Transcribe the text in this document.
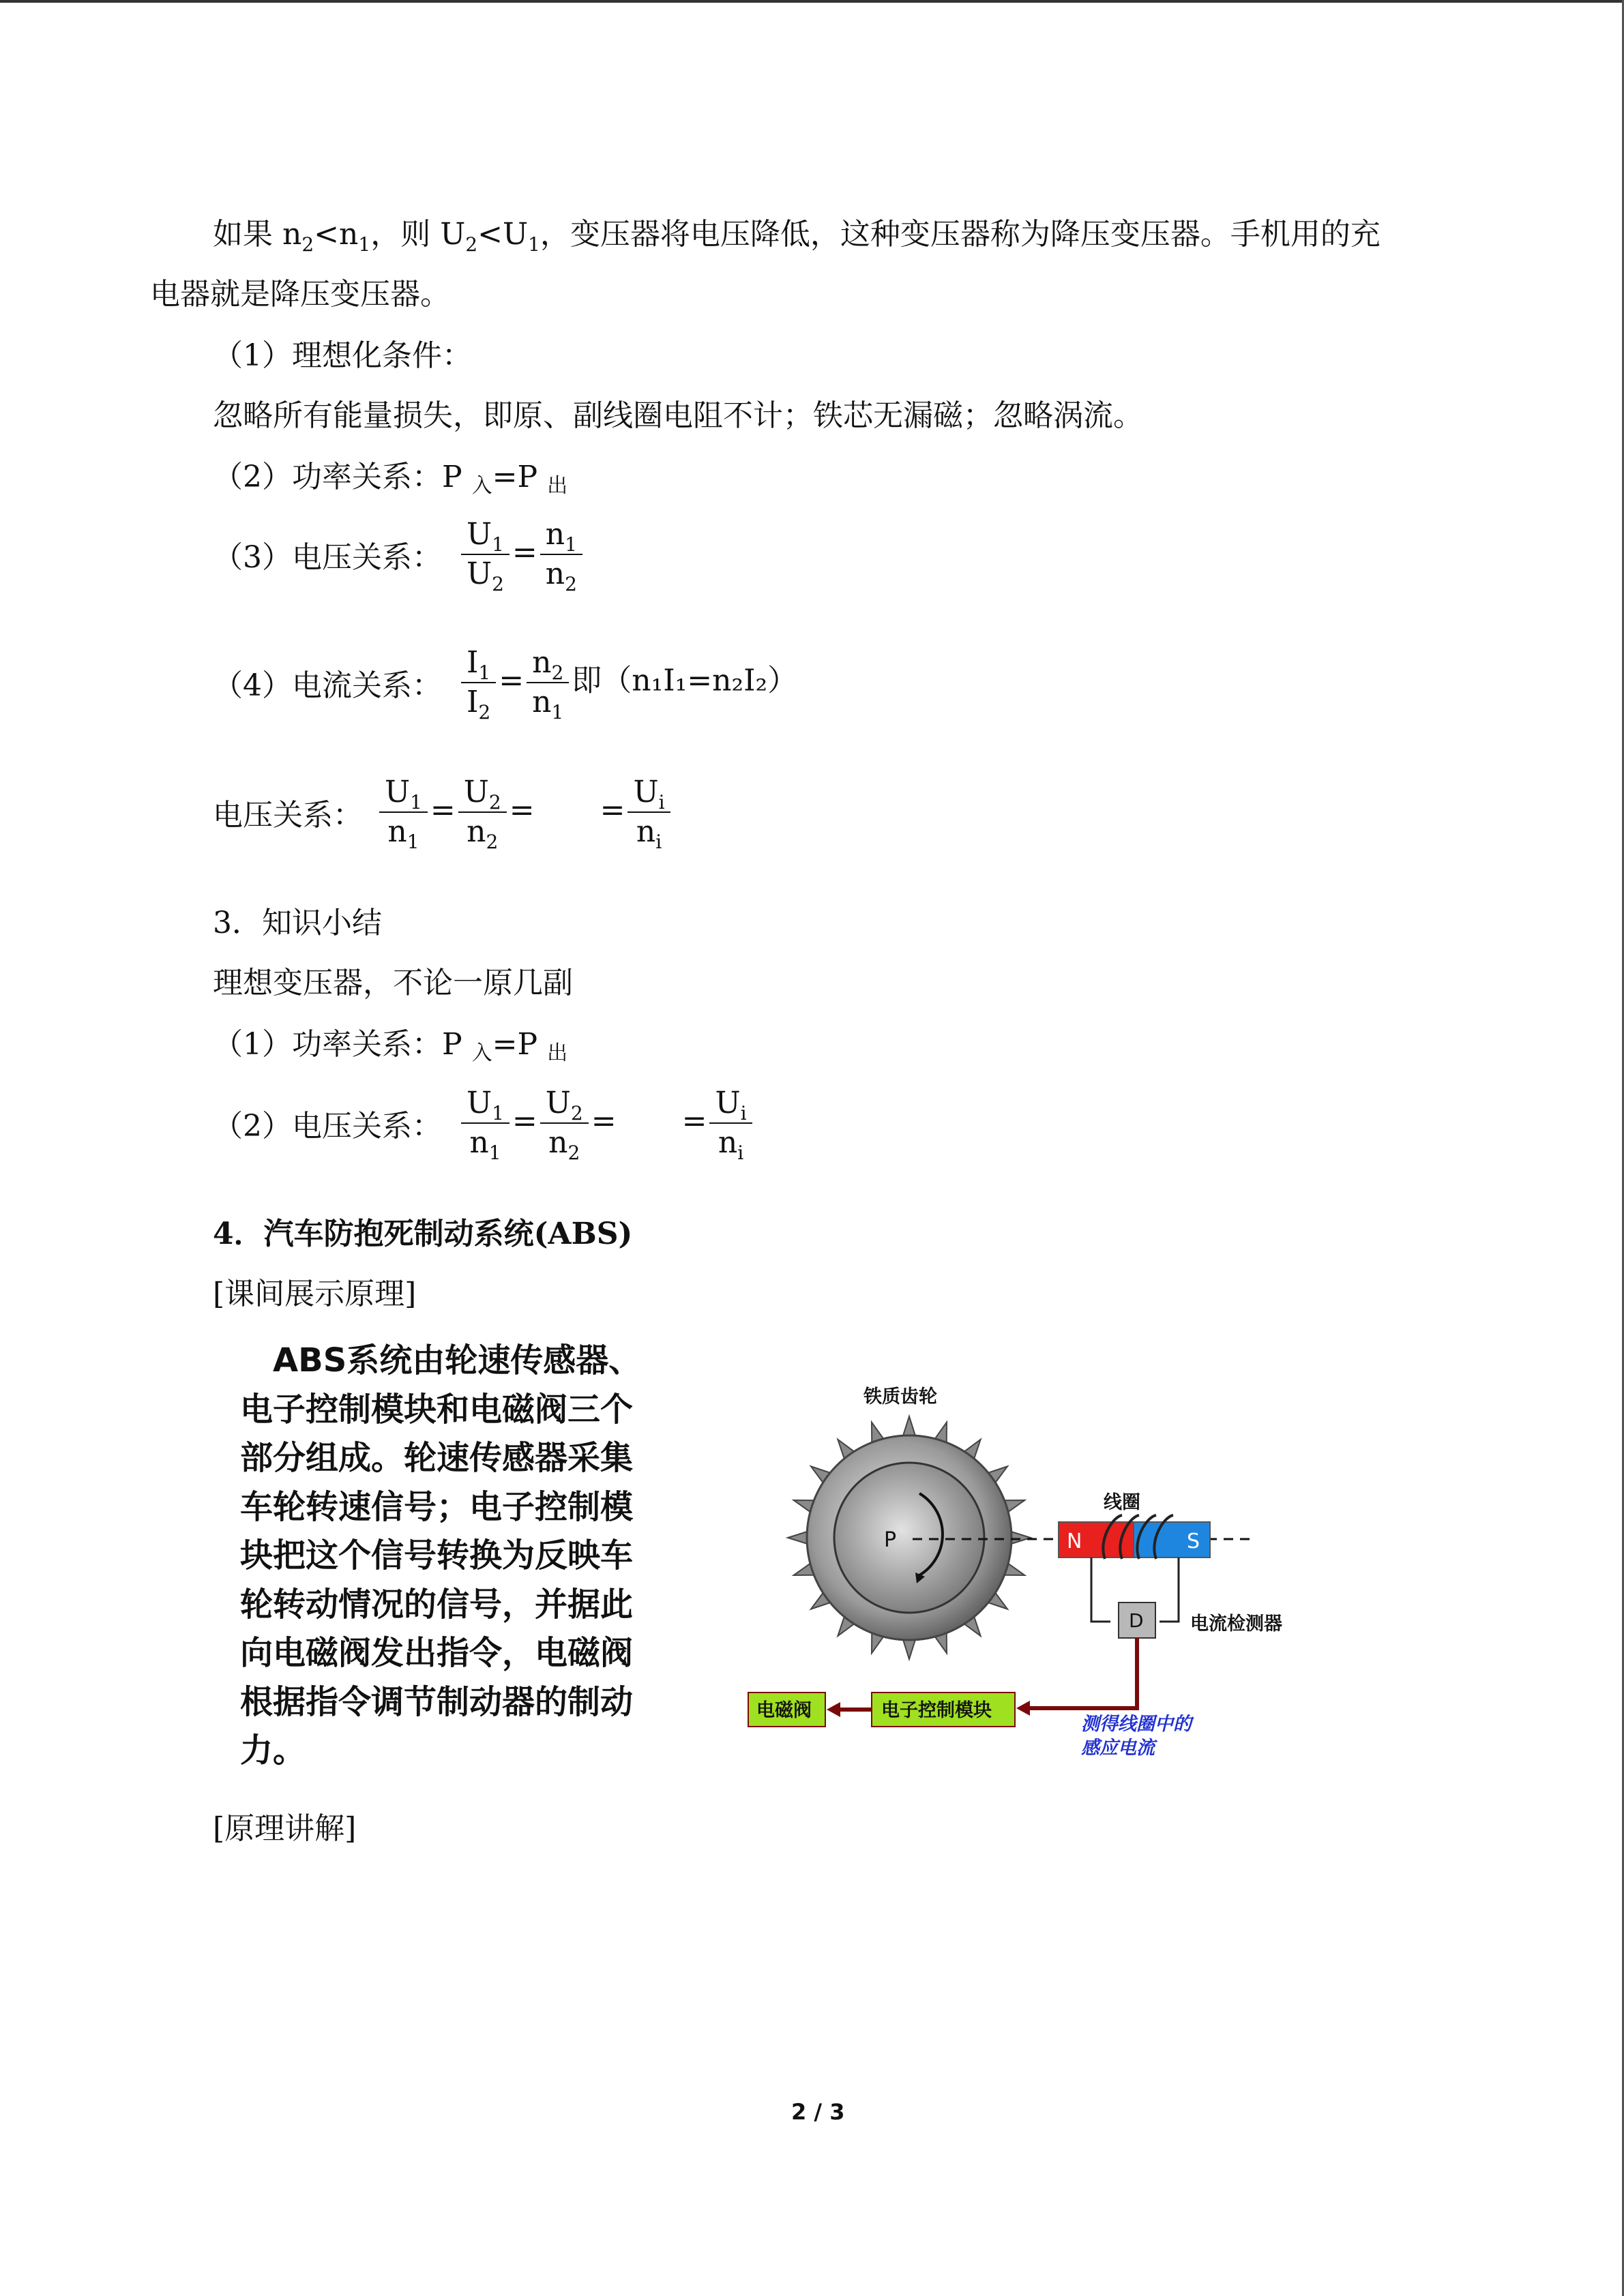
如果 $n_2<n_1$，则 $U_2<U_1$，变压器将电压降低，这种变压器称为降压变压器。手机用的充
电器就是降压变压器。
（1）理想化条件：
忽略所有能量损失，即原、副线圈电阻不计；铁芯无漏磁；忽略涡流。
（2）功率关系：P 入=P 出
（3）电压关系： $\frac{U_1}{U_2} = \frac{n_1}{n_2}$
（4）电流关系： $\frac{I_1}{I_2} = \frac{n_2}{n_1}$ 即（n₁I₁=n₂I₂）
电压关系： $\frac{U_1}{n_1} = \frac{U_2}{n_2}$ = = $\frac{U_i}{n_i}$
3．知识小结
理想变压器，不论一原几副
（1）功率关系：P 入=P 出
（2）电压关系： $\frac{U_1}{n_1} = \frac{U_2}{n_2}$ = = $\frac{U_i}{n_i}$
4．汽车防抱死制动系统(ABS)
[课间展示原理]

　ABS系统由轮速传感器、

电子控制模块和电磁阀三个

部分组成。轮速传感器采集

车轮转速信号；电子控制模

块把这个信号转换为反映车

轮转动情况的信号，并据此

向电磁阀发出指令，电磁阀

根据指令调节制动器的制动

力。

铁质齿轮
P
线圈
N	S
D	电流检测器
电子控制模块
电磁阀
测得线圈中的
感应电流
[原理讲解]
2 / 3
